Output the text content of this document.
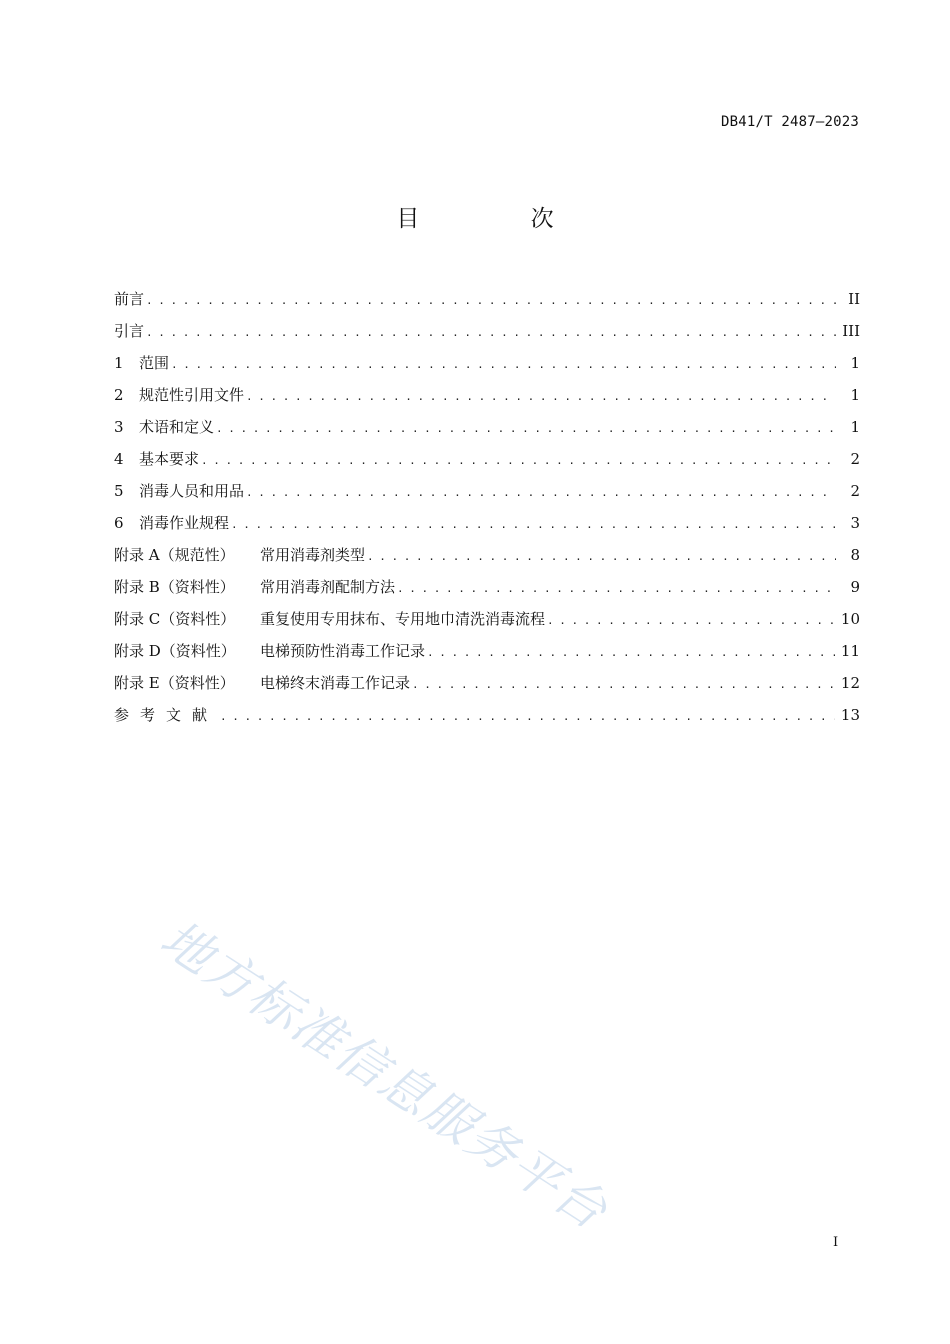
DB41/T 2487—2023
目 次
前言 . . .	II
引言 . . .	III
1	范围 . . .	1
2	规范性引用文件 . . .	1
3	术语和定义 . . .	1
4	基本要求 . . .	2
5	消毒人员和用品 . . .	2
6	消毒作业规程 . . .	3
附录 A（规范性）	常用消毒剂类型 . . .	8
附录 B（资料性）	常用消毒剂配制方法 . . .	9
附录 C（资料性）	重复使用专用抹布、专用地巾清洗消毒流程 . . .	10
附录 D（资料性）	电梯预防性消毒工作记录 . . .	11
附录 E（资料性）	电梯终末消毒工作记录 . . .	12
参考文献 . . .	13
地方标准信息服务平台
I
